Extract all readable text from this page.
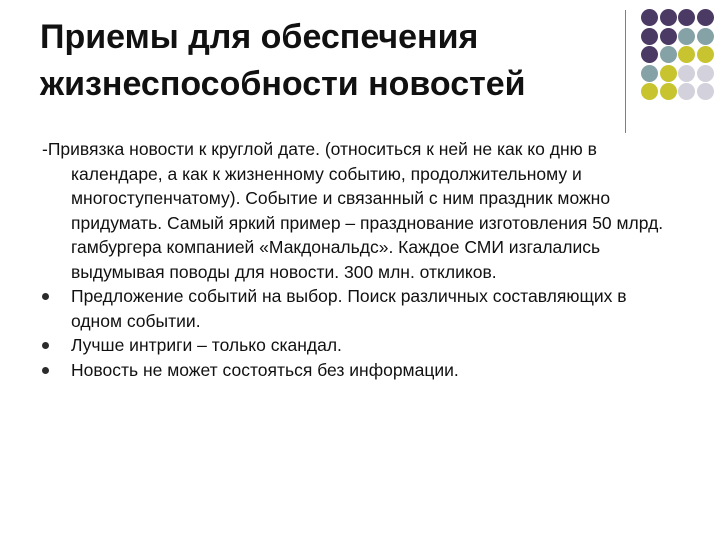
Приемы для обеспечения
жизнеспособности новостей

-Привязка новости к круглой дате. (относиться к ней не как ко дню в календаре, а как к жизненному событию, продолжительному и многоступенчатому). Событие и связанный с ним праздник можно придумать. Самый яркий пример – празднование изготовления 50 млрд. гамбургера компанией «Макдональдс». Каждое СМИ изгалались выдумывая поводы для новости. 300 млн. откликов.

Предложение событий на выбор. Поиск различных составляющих в одном событии.

Лучше интриги – только скандал.

Новость не может состояться без информации.
